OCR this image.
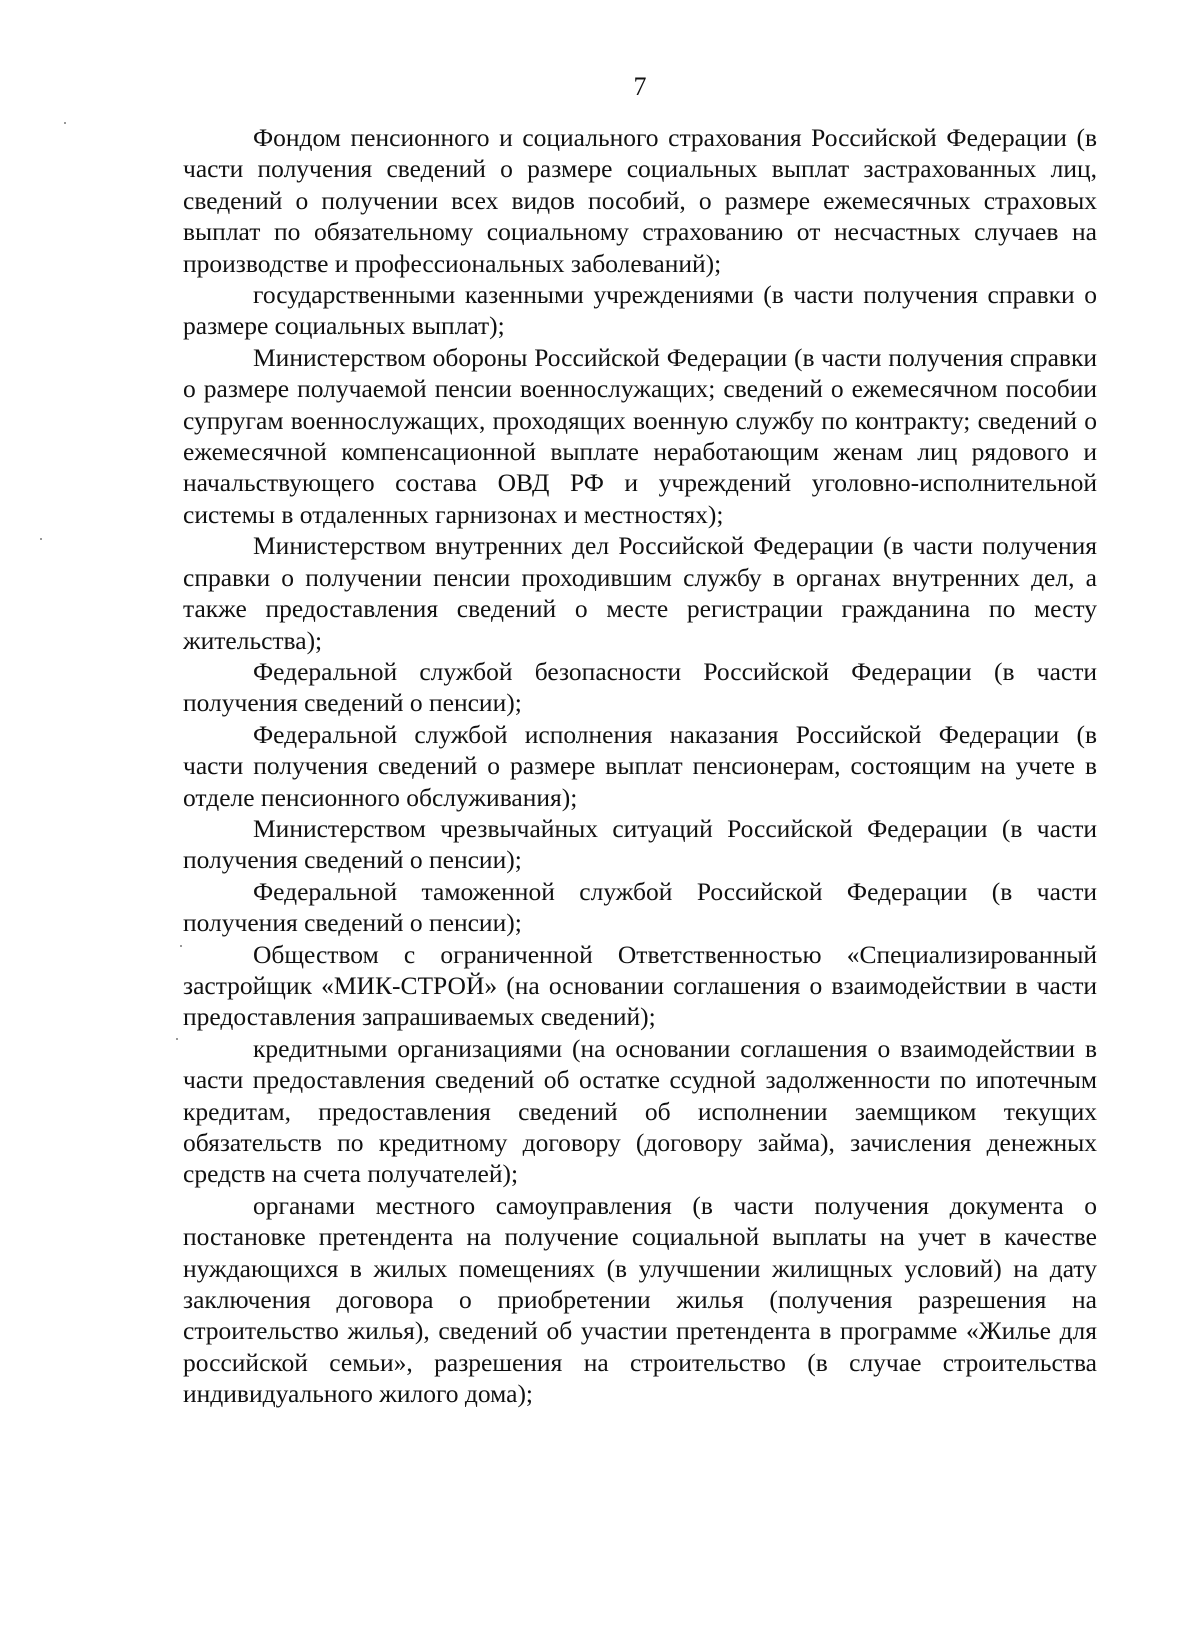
7

Фондом пенсионного и социального страхования Российской Федерации (в части получения сведений о размере социальных выплат застрахованных лиц, сведений о получении всех видов пособий, о размере ежемесячных страховых выплат по обязательному социальному страхованию от несчастных случаев на производстве и профессиональных заболеваний);

государственными казенными учреждениями (в части получения справки о размере социальных выплат);

Министерством обороны Российской Федерации (в части получения справки о размере получаемой пенсии военнослужащих; сведений о ежемесячном пособии супругам военнослужащих, проходящих военную службу по контракту; сведений о ежемесячной компенсационной выплате неработающим женам лиц рядового и начальствующего состава ОВД РФ и учреждений уголовно-исполнительной системы в отдаленных гарнизонах и местностях);

Министерством внутренних дел Российской Федерации (в части получения справки о получении пенсии проходившим службу в органах внутренних дел, а также предоставления сведений о месте регистрации гражданина по месту жительства);

Федеральной службой безопасности Российской Федерации (в части получения сведений о пенсии);

Федеральной службой исполнения наказания Российской Федерации (в части получения сведений о размере выплат пенсионерам, состоящим на учете в отделе пенсионного обслуживания);

Министерством чрезвычайных ситуаций Российской Федерации (в части получения сведений о пенсии);

Федеральной таможенной службой Российской Федерации (в части получения сведений о пенсии);

Обществом с ограниченной Ответственностью «Специализированный застройщик «МИК-СТРОЙ» (на основании соглашения о взаимодействии в части предоставления запрашиваемых сведений);

кредитными организациями (на основании соглашения о взаимодействии в части предоставления сведений об остатке ссудной задолженности по ипотечным кредитам, предоставления сведений об исполнении заемщиком текущих обязательств по кредитному договору (договору займа), зачисления денежных средств на счета получателей);

органами местного самоуправления (в части получения документа о постановке претендента на получение социальной выплаты на учет в качестве нуждающихся в жилых помещениях (в улучшении жилищных условий) на дату заключения договора о приобретении жилья (получения разрешения на строительство жилья), сведений об участии претендента в программе «Жилье для российской семьи», разрешения на строительство (в случае строительства индивидуального жилого дома);
